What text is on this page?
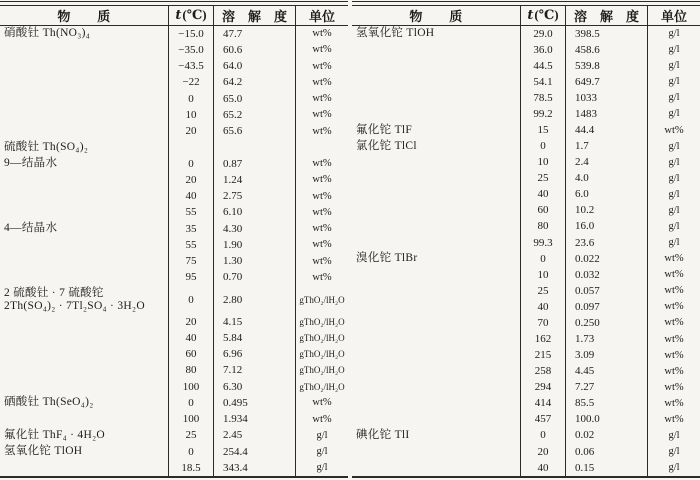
物　　质	t (℃)	溶　解　度	单位
硝酸钍 Th(NO₃)₄	−15.0	47.7	wt%
−35.0	60.6	wt%
−43.5	64.0	wt%
−22	64.2	wt%
0	65.0	wt%
10	65.2	wt%
20	65.6	wt%
硫酸钍 Th(SO₄)₂
9—结晶水	0	0.87	wt%
20	1.24	wt%
40	2.75	wt%
55	6.10	wt%
4—结晶水	35	4.30	wt%
55	1.90	wt%
75	1.30	wt%
95	0.70	wt%
2 硫酸钍 · 7 硫酸铊
2Th(SO₄)₂ · 7Tl₂SO₄ · 3H₂O	0	2.80	gThO₂/lH₂O
20	4.15	gThO₂/lH₂O
40	5.84	gThO₂/lH₂O
60	6.96	gThO₂/lH₂O
80	7.12	gThO₂/lH₂O
100	6.30	gThO₂/lH₂O
硒酸钍 Th(SeO₄)₂	0	0.495	wt%
100	1.934	wt%
氟化钍 ThF₄ · 4H₂O	25	2.45	g/l
氢氧化铊 TlOH	0	254.4	g/l
18.5	343.4	g/l
物　　质	t (℃)	溶　解　度	单位
氢氧化铊 TlOH	29.0	398.5	g/l
36.0	458.6	g/l
44.5	539.8	g/l
54.1	649.7	g/l
78.5	1033	g/l
99.2	1483	g/l
氟化铊 TlF	15	44.4	wt%
氯化铊 TlCl	0	1.7	g/l
10	2.4	g/l
25	4.0	g/l
40	6.0	g/l
60	10.2	g/l
80	16.0	g/l
99.3	23.6	g/l
溴化铊 TlBr	0	0.022	wt%
10	0.032	wt%
25	0.057	wt%
40	0.097	wt%
70	0.250	wt%
162	1.73	wt%
215	3.09	wt%
258	4.45	wt%
294	7.27	wt%
414	85.5	wt%
457	100.0	wt%
碘化铊 TlI	0	0.02	g/l
20	0.06	g/l
40	0.15	g/l
